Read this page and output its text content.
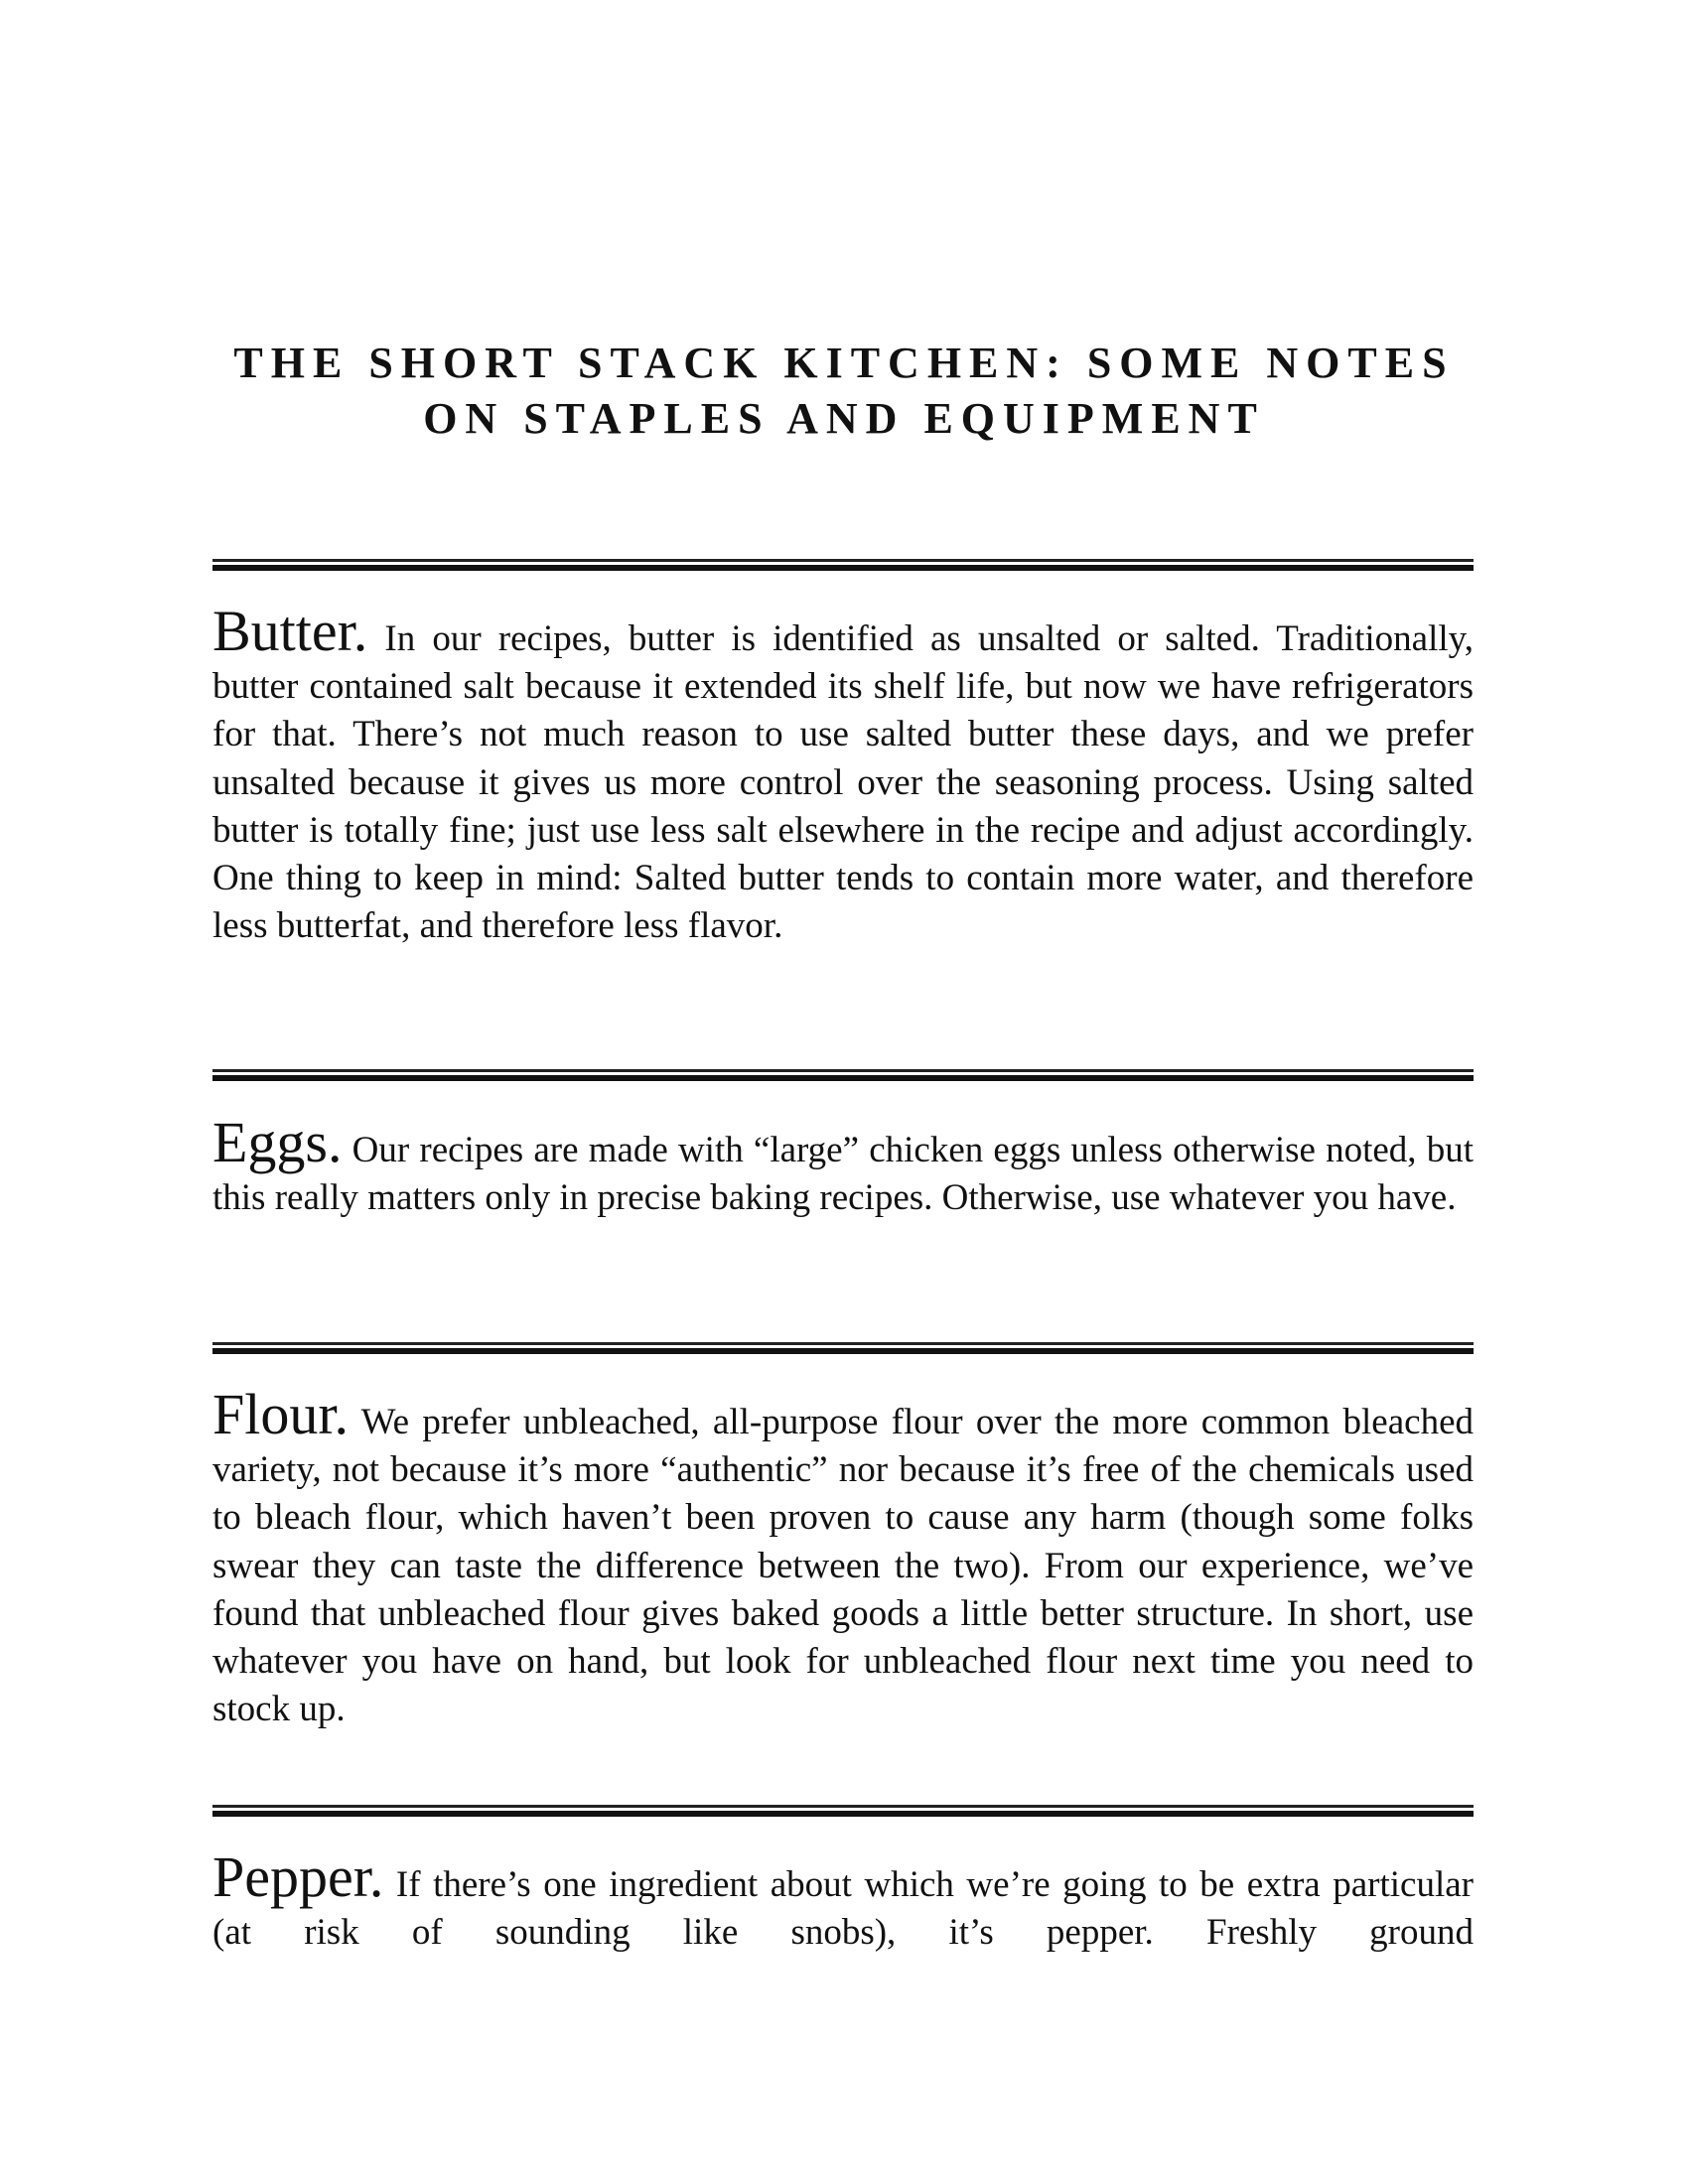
THE SHORT STACK KITCHEN: SOME NOTES
ON STAPLES AND EQUIPMENT

Butter. In our recipes, butter is identified as unsalted or salted. Traditionally, butter contained salt because it extended its shelf life, but now we have refrigerators for that. There’s not much reason to use salted butter these days, and we prefer unsalted because it gives us more control over the seasoning process. Using salted butter is totally fine; just use less salt elsewhere in the recipe and adjust accordingly. One thing to keep in mind: Salted butter tends to contain more water, and therefore less butterfat, and therefore less flavor.

Eggs. Our recipes are made with “large” chicken eggs unless otherwise noted, but this really matters only in precise baking recipes. Otherwise, use whatever you have.

Flour. We prefer unbleached, all-purpose flour over the more common bleached variety, not because it’s more “authentic” nor because it’s free of the chemicals used to bleach flour, which haven’t been proven to cause any harm (though some folks swear they can taste the difference between the two). From our experience, we’ve found that unbleached flour gives baked goods a little better structure. In short, use whatever you have on hand, but look for unbleached flour next time you need to stock up.

Pepper. If there’s one ingredient about which we’re going to be extra particular (at risk of sounding like snobs), it’s pepper. Freshly ground
